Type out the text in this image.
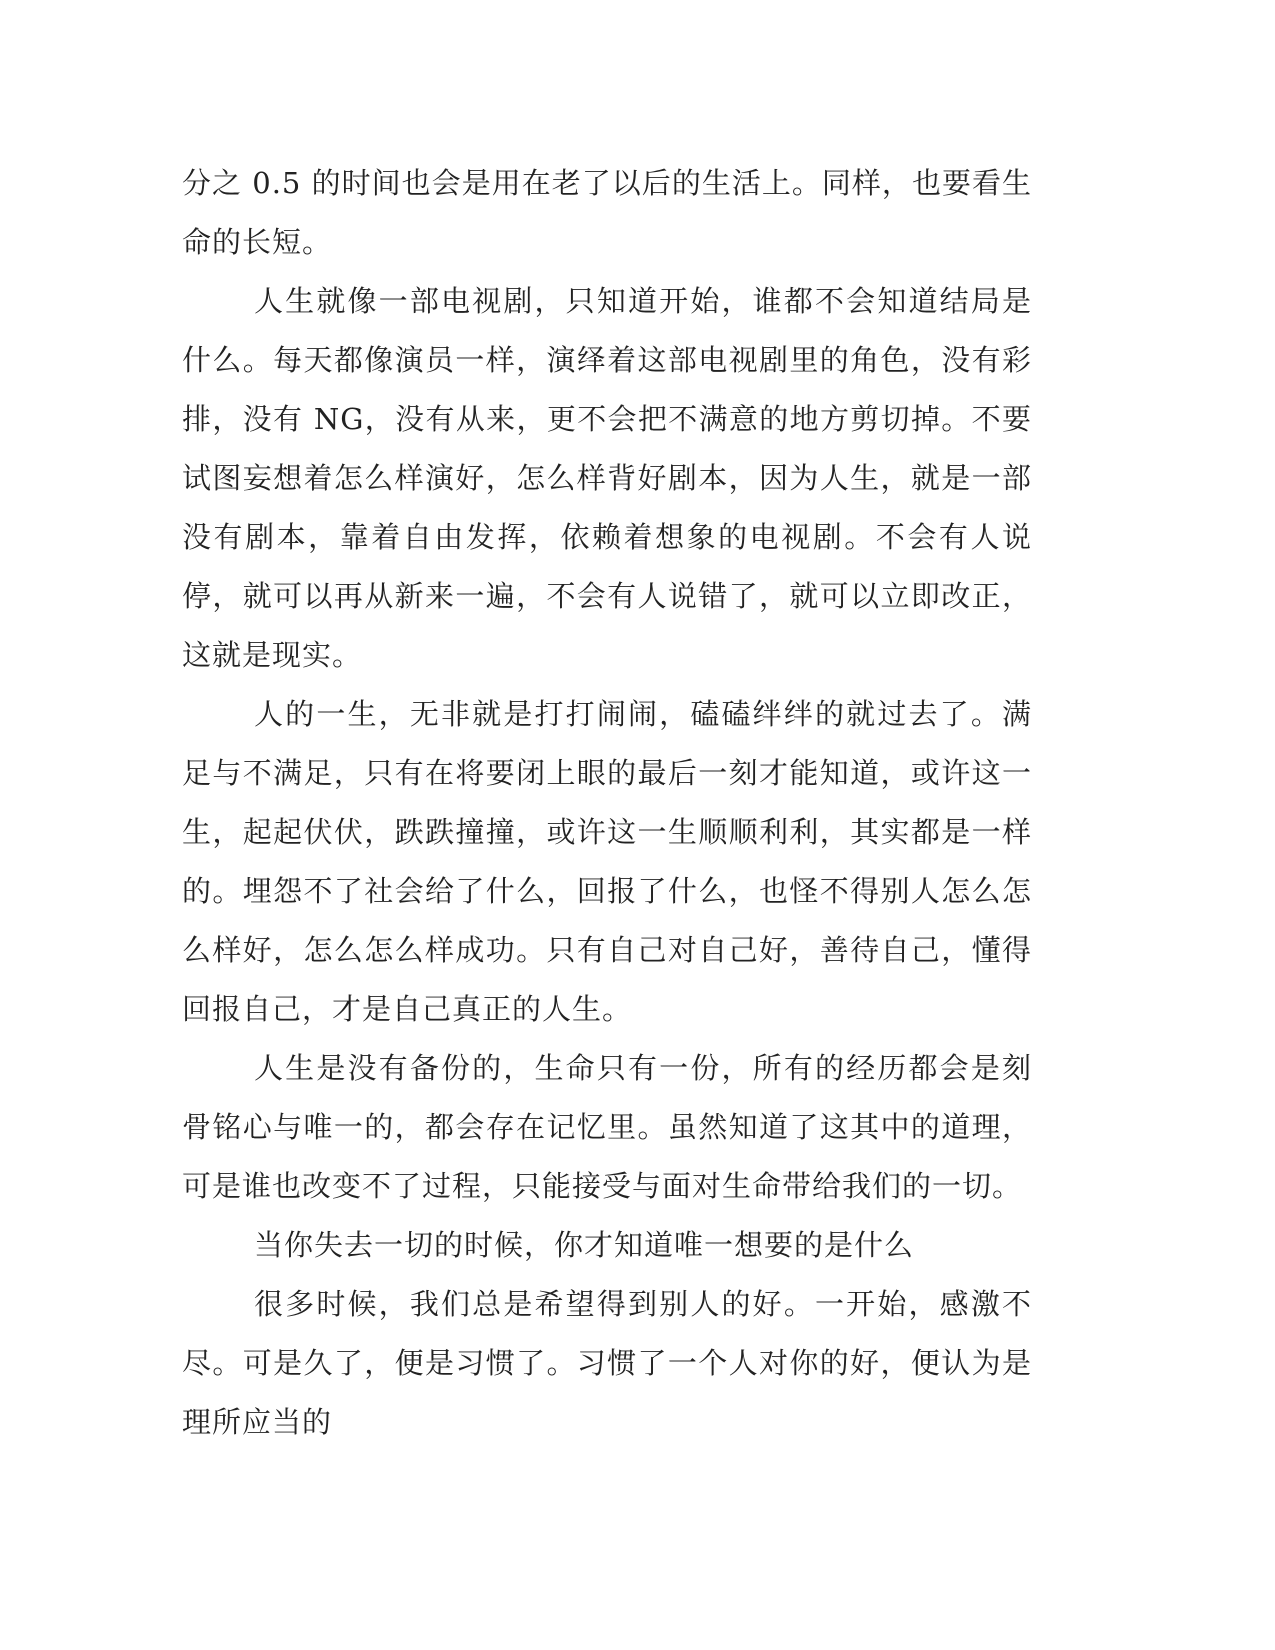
分之 0.5 的时间也会是用在老了以后的生活上。同样，也要看生命的长短。

人生就像一部电视剧，只知道开始，谁都不会知道结局是什么。每天都像演员一样，演绎着这部电视剧里的角色，没有彩排，没有 NG，没有从来，更不会把不满意的地方剪切掉。不要试图妄想着怎么样演好，怎么样背好剧本，因为人生，就是一部没有剧本，靠着自由发挥，依赖着想象的电视剧。不会有人说停，就可以再从新来一遍，不会有人说错了，就可以立即改正，这就是现实。

人的一生，无非就是打打闹闹，磕磕绊绊的就过去了。满足与不满足，只有在将要闭上眼的最后一刻才能知道，或许这一生，起起伏伏，跌跌撞撞，或许这一生顺顺利利，其实都是一样的。埋怨不了社会给了什么，回报了什么，也怪不得别人怎么怎么样好，怎么怎么样成功。只有自己对自己好，善待自己，懂得回报自己，才是自己真正的人生。

人生是没有备份的，生命只有一份，所有的经历都会是刻骨铭心与唯一的，都会存在记忆里。虽然知道了这其中的道理，可是谁也改变不了过程，只能接受与面对生命带给我们的一切。

当你失去一切的时候，你才知道唯一想要的是什么

很多时候，我们总是希望得到别人的好。一开始，感激不尽。可是久了，便是习惯了。习惯了一个人对你的好，便认为是理所应当的
